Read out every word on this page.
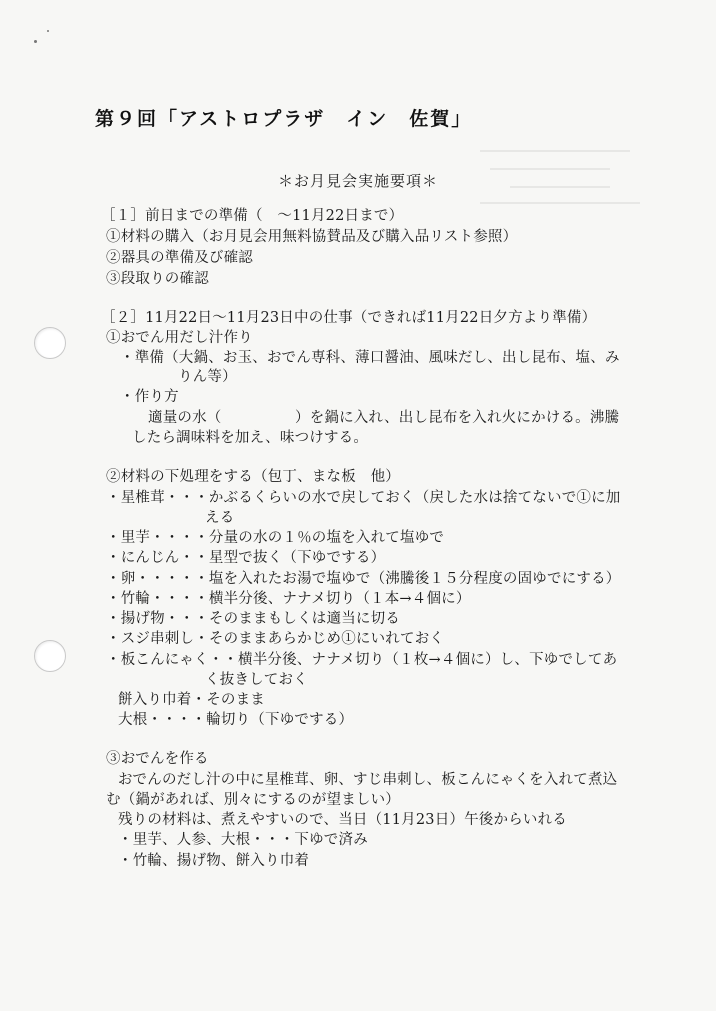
第９回「アストロプラザ　イン　佐賀」
＊お月見会実施要項＊
［１］前日までの準備（　～11月22日まで）
①材料の購入（お月見会用無料協賛品及び購入品リスト参照）
②器具の準備及び確認
③段取りの確認
［２］11月22日～11月23日中の仕事（できれば11月22日夕方より準備）
①おでん用だし汁作り
・準備（大鍋、お玉、おでん専科、薄口醤油、風味だし、出し昆布、塩、み
りん等）
・作り方
適量の水（　　　　　）を鍋に入れ、出し昆布を入れ火にかける。沸騰
したら調味料を加え、味つけする。
②材料の下処理をする（包丁、まな板　他）
・星椎茸・・・かぶるくらいの水で戻しておく（戻した水は捨てないで①に加
える
・里芋・・・・分量の水の１％の塩を入れて塩ゆで
・にんじん・・星型で抜く（下ゆでする）
・卵・・・・・塩を入れたお湯で塩ゆで（沸騰後１５分程度の固ゆでにする）
・竹輪・・・・横半分後、ナナメ切り（１本→４個に）
・揚げ物・・・そのままもしくは適当に切る
・スジ串刺し・そのままあらかじめ①にいれておく
・板こんにゃく・・横半分後、ナナメ切り（１枚→４個に）し、下ゆでしてあ
く抜きしておく
餅入り巾着・そのまま
大根・・・・輪切り（下ゆでする）
③おでんを作る
おでんのだし汁の中に星椎茸、卵、すじ串刺し、板こんにゃくを入れて煮込
む（鍋があれば、別々にするのが望ましい）
残りの材料は、煮えやすいので、当日（11月23日）午後からいれる
・里芋、人参、大根・・・下ゆで済み
・竹輪、揚げ物、餅入り巾着
